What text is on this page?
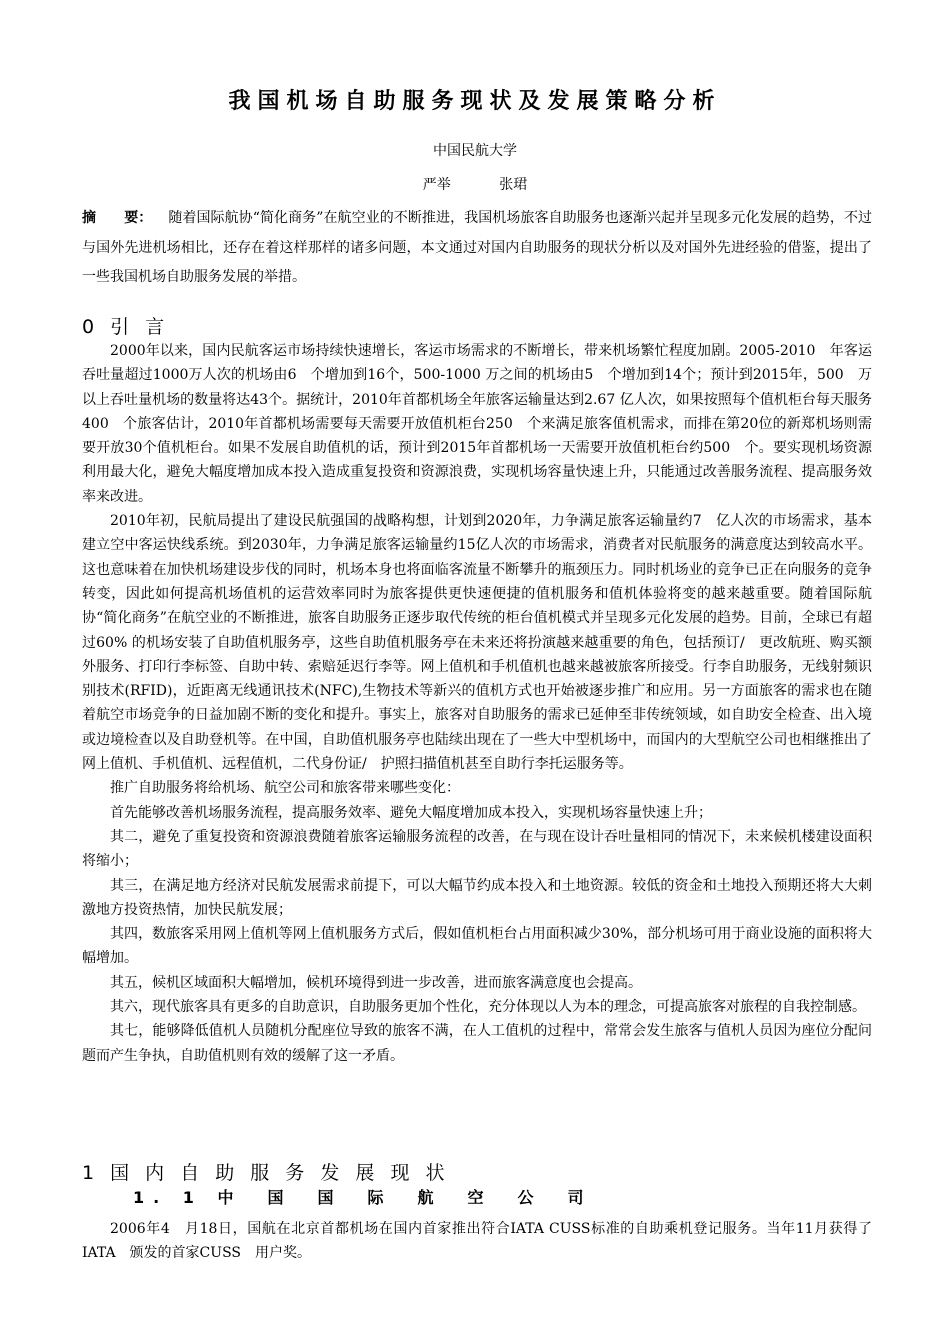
我国机场自助服务现状及发展策略分析
中国民航大学
严举	张珺
摘　　要： 随着国际航协“简化商务”在航空业的不断推进，我国机场旅客自助服务也逐渐兴起并呈现多元化发展的趋势，不过与国外先进机场相比，还存在着这样那样的诸多问题，本文通过对国内自助服务的现状分析以及对国外先进经验的借鉴，提出了一些我国机场自助服务发展的举措。
0 引 言

2000年以来，国内民航客运市场持续快速增长，客运市场需求的不断增长，带来机场繁忙程度加剧。2005-2010　年客运吞吐量超过1000万人次的机场由6　个增加到16个，500-1000 万之间的机场由5　个增加到14个；预计到2015年，500　万以上吞吐量机场的数量将达43个。据统计，2010年首都机场全年旅客运输量达到2.67 亿人次，如果按照每个值机柜台每天服务400　个旅客估计，2010年首都机场需要每天需要开放值机柜台250　个来满足旅客值机需求，而排在第20位的新郑机场则需要开放30个值机柜台。如果不发展自助值机的话，预计到2015年首都机场一天需要开放值机柜台约500　个。要实现机场资源利用最大化，避免大幅度增加成本投入造成重复投资和资源浪费，实现机场容量快速上升，只能通过改善服务流程、提高服务效率来改进。

2010年初，民航局提出了建设民航强国的战略构想，计划到2020年，力争满足旅客运输量约7　亿人次的市场需求，基本建立空中客运快线系统。到2030年，力争满足旅客运输量约15亿人次的市场需求，消费者对民航服务的满意度达到较高水平。这也意味着在加快机场建设步伐的同时，机场本身也将面临客流量不断攀升的瓶颈压力。同时机场业的竞争已正在向服务的竞争转变，因此如何提高机场值机的运营效率同时为旅客提供更快速便捷的值机服务和值机体验将变的越来越重要。随着国际航协“简化商务”在航空业的不断推进，旅客自助服务正逐步取代传统的柜台值机模式并呈现多元化发展的趋势。目前，全球已有超过60% 的机场安装了自助值机服务亭，这些自助值机服务亭在未来还将扮演越来越重要的角色，包括预订/　更改航班、购买额外服务、打印行李标签、自助中转、索赔延迟行李等。网上值机和手机值机也越来越被旅客所接受。行李自助服务，无线射频识别技术(RFID)，近距离无线通讯技术(NFC),生物技术等新兴的值机方式也开始被逐步推广和应用。另一方面旅客的需求也在随着航空市场竞争的日益加剧不断的变化和提升。事实上，旅客对自助服务的需求已延伸至非传统领域，如自助安全检查、出入境或边境检查以及自助登机等。在中国，自助值机服务亭也陆续出现在了一些大中型机场中，而国内的大型航空公司也相继推出了网上值机、手机值机、远程值机，二代身份证/　护照扫描值机甚至自助行李托运服务等。

推广自助服务将给机场、航空公司和旅客带来哪些变化：

首先能够改善机场服务流程，提高服务效率、避免大幅度增加成本投入，实现机场容量快速上升；

其二，避免了重复投资和资源浪费随着旅客运输服务流程的改善，在与现在设计吞吐量相同的情况下，未来候机楼建设面积将缩小；

其三，在满足地方经济对民航发展需求前提下，可以大幅节约成本投入和土地资源。较低的资金和土地投入预期还将大大刺激地方投资热情，加快民航发展；

其四，数旅客采用网上值机等网上值机服务方式后，假如值机柜台占用面积减少30%，部分机场可用于商业设施的面积将大幅增加。

其五，候机区域面积大幅增加，候机环境得到进一步改善，进而旅客满意度也会提高。

其六，现代旅客具有更多的自助意识，自助服务更加个性化，充分体现以人为本的理念，可提高旅客对旅程的自我控制感。

其七，能够降低值机人员随机分配座位导致的旅客不满，在人工值机的过程中，常常会发生旅客与值机人员因为座位分配问题而产生争执，自助值机则有效的缓解了这一矛盾。

1 国 内 自 助 服 务 发 展 现 状
1. 1 中　国　国　际　航　空　公　司

2006年4　月18日，国航在北京首都机场在国内首家推出符合IATA CUSS标准的自助乘机登记服务。当年11月获得了IATA　颁发的首家CUSS　用户奖。
